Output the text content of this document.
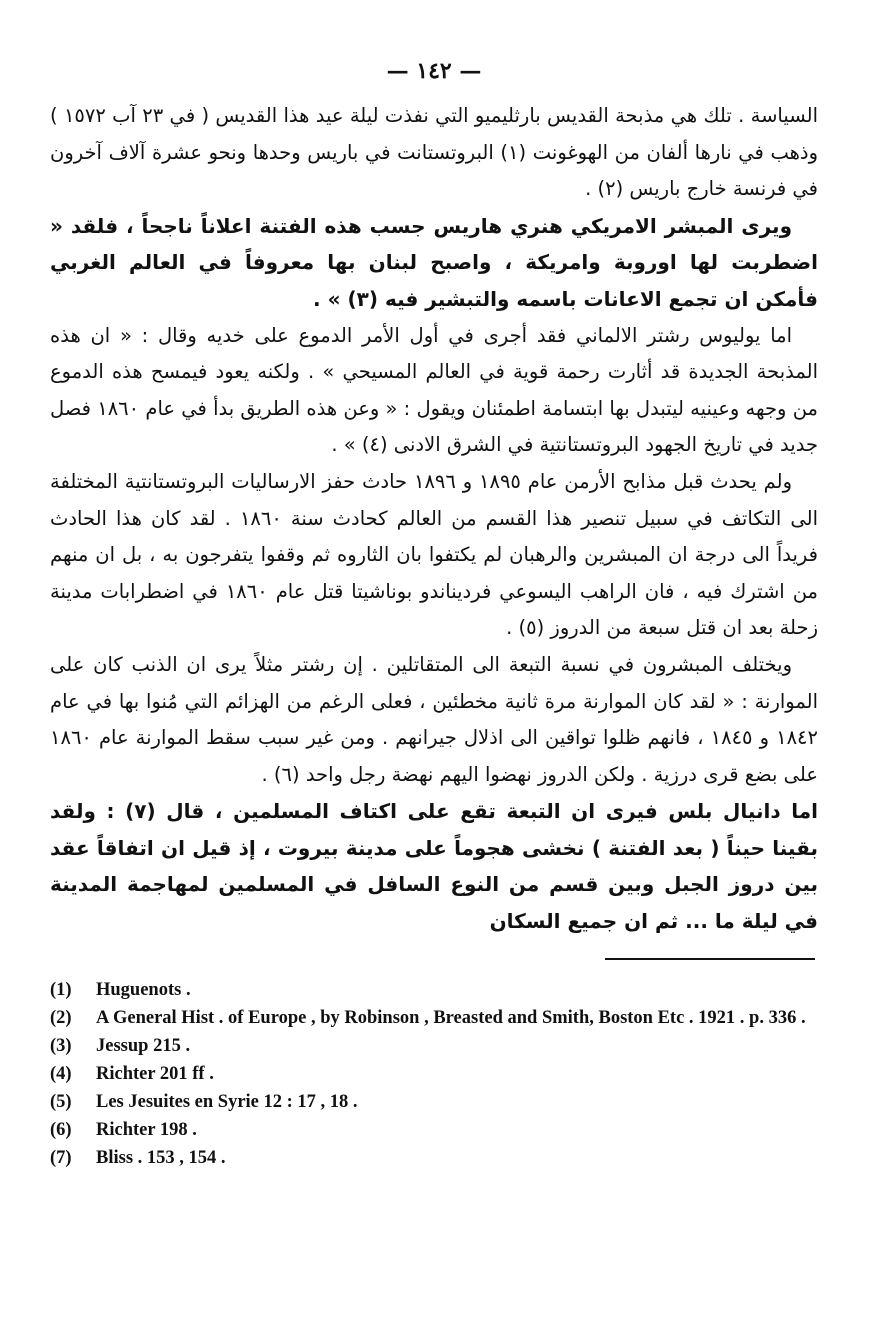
— ١٤٢ —

السياسة . تلك هي مذبحة القديس بارثليميو التي نفذت ليلة عيد هذا القديس ( في ٢٣ آب ١٥٧٢ ) وذهب في نارها ألفان من الهوغونت (١) البروتستانت في باريس وحدها ونحو عشرة آلاف آخرون في فرنسة خارج باريس (٢) .

ويرى المبشر الامريكي هنري هاريس جسب هذه الفتنة اعلاناً ناجحاً ، فلقد « اضطربت لها اوروبة وامريكة ، واصبح لبنان بها معروفاً في العالم الغربي فأمكن ان تجمع الاعانات باسمه والتبشير فيه (٣) » .

اما يوليوس رشتر الالماني فقد أجرى في أول الأمر الدموع على خديه وقال : « ان هذه المذبحة الجديدة قد أثارت رحمة قوية في العالم المسيحي » . ولكنه يعود فيمسح هذه الدموع من وجهه وعينيه ليتبدل بها ابتسامة اطمئنان ويقول : « وعن هذه الطريق بدأ في عام ١٨٦٠ فصل جديد في تاريخ الجهود البروتستانتية في الشرق الادنى (٤) » .

ولم يحدث قبل مذابح الأرمن عام ١٨٩٥ و ١٨٩٦ حادث حفز الارساليات البروتستانتية المختلفة الى التكاتف في سبيل تنصير هذا القسم من العالم كحادث سنة ١٨٦٠ . لقد كان هذا الحادث فريداً الى درجة ان المبشرين والرهبان لم يكتفوا بان الثاروه ثم وقفوا يتفرجون به ، بل ان منهم من اشترك فيه ، فان الراهب اليسوعي فردیناندو بوناشيتا قتل عام ١٨٦٠ في اضطرابات مدينة زحلة بعد ان قتل سبعة من الدروز (٥) .

ويختلف المبشرون في نسبة التبعة الى المتقاتلين . إن رشتر مثلاً يرى ان الذنب كان على الموارنة : « لقد كان الموارنة مرة ثانية مخطئين ، فعلى الرغم من الهزائم التي مُنوا بها في عام ١٨٤٢ و ١٨٤٥ ، فانهم ظلوا تواقين الى اذلال جيرانهم . ومن غير سبب سقط الموارنة عام ١٨٦٠ على بضع قرى درزية . ولكن الدروز نهضوا اليهم نهضة رجل واحد (٦) .

اما دانيال بلس فيرى ان التبعة تقع على اكتاف المسلمين ، قال (٧) : ولقد بقينا حيناً ( بعد الفتنة ) نخشى هجوماً على مدينة بيروت ، إذ قيل ان اتفاقاً عقد بين دروز الجبل وبين قسم من النوع السافل في المسلمين لمهاجمة المدينة في ليلة ما ... ثم ان جميع السكان

(1)	Huguenots .
(2)	A General Hist . of Europe , by Robinson , Breasted and Smith, Boston Etc . 1921 . p. 336 .
(3)	Jessup 215 .
(4)	Richter 201 ff .
(5)	Les Jesuites en Syrie 12 : 17 , 18 .
(6)	Richter 198 .
(7)	Bliss . 153 , 154 .
